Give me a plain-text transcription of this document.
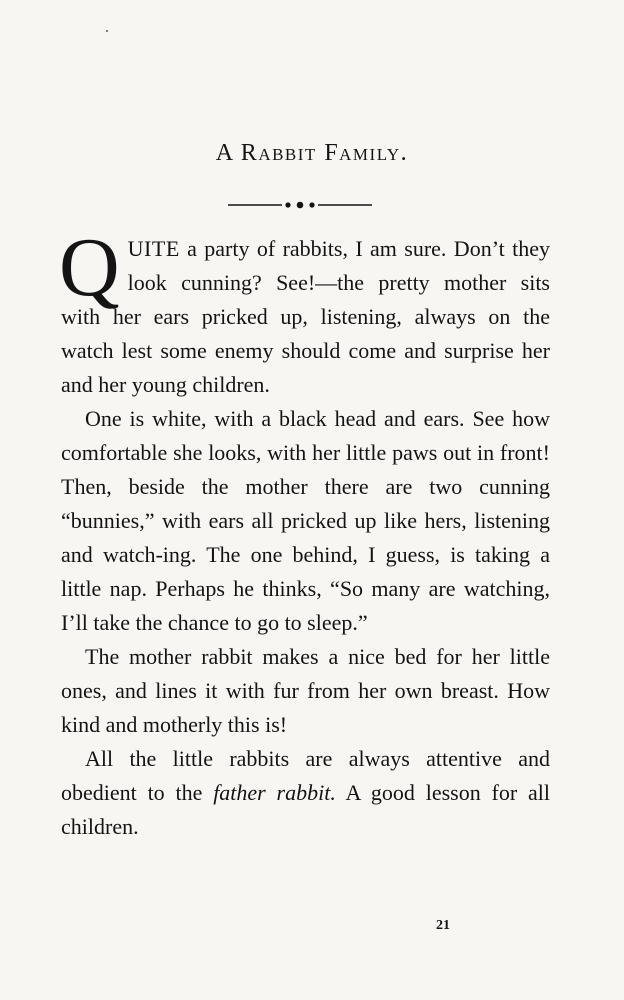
A Rabbit Family.

QUITE a party of rabbits, I am sure. Don’t they look cunning? See!—the pretty mother sits with her ears pricked up, listening, always on the watch lest some enemy should come and surprise her and her young children.

One is white, with a black head and ears. See how comfortable she looks, with her little paws out in front! Then, beside the mother there are two cunning “bunnies,” with ears all pricked up like hers, listening and watch-ing. The one behind, I guess, is taking a little nap. Perhaps he thinks, “So many are watching, I’ll take the chance to go to sleep.”

The mother rabbit makes a nice bed for her little ones, and lines it with fur from her own breast. How kind and motherly this is!

All the little rabbits are always attentive and obedient to the father rabbit. A good lesson for all children.

21
